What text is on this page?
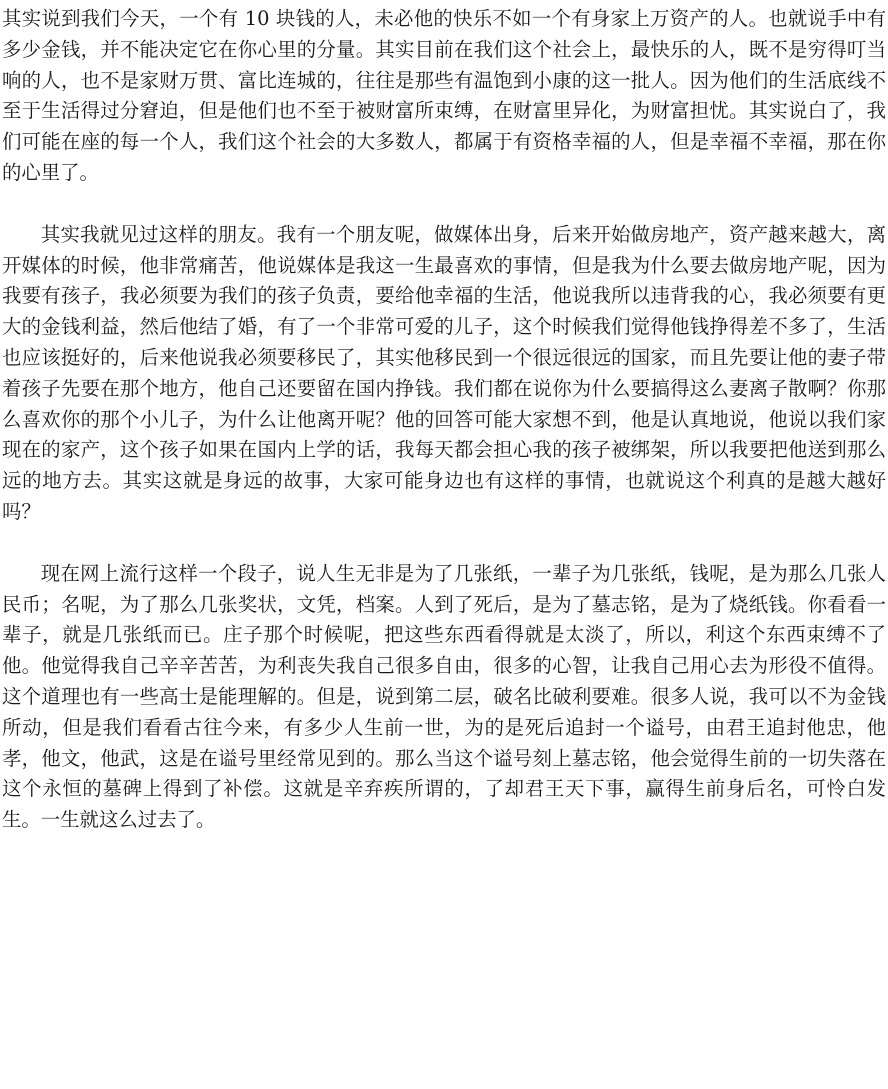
其实说到我们今天，一个有 10 块钱的人，未必他的快乐不如一个有身家上万资产的人。也就说手中有多少金钱，并不能决定它在你心里的分量。其实目前在我们这个社会上，最快乐的人，既不是穷得叮当响的人，也不是家财万贯、富比连城的，往往是那些有温饱到小康的这一批人。因为他们的生活底线不至于生活得过分窘迫，但是他们也不至于被财富所束缚，在财富里异化，为财富担忧。其实说白了，我们可能在座的每一个人，我们这个社会的大多数人，都属于有资格幸福的人，但是幸福不幸福，那在你的心里了。

其实我就见过这样的朋友。我有一个朋友呢，做媒体出身，后来开始做房地产，资产越来越大，离开媒体的时候，他非常痛苦，他说媒体是我这一生最喜欢的事情，但是我为什么要去做房地产呢，因为我要有孩子，我必须要为我们的孩子负责，要给他幸福的生活，他说我所以违背我的心，我必须要有更大的金钱利益，然后他结了婚，有了一个非常可爱的儿子，这个时候我们觉得他钱挣得差不多了，生活也应该挺好的，后来他说我必须要移民了，其实他移民到一个很远很远的国家，而且先要让他的妻子带着孩子先要在那个地方，他自己还要留在国内挣钱。我们都在说你为什么要搞得这么妻离子散啊？你那么喜欢你的那个小儿子，为什么让他离开呢？他的回答可能大家想不到，他是认真地说，他说以我们家现在的家产，这个孩子如果在国内上学的话，我每天都会担心我的孩子被绑架，所以我要把他送到那么远的地方去。其实这就是身远的故事，大家可能身边也有这样的事情，也就说这个利真的是越大越好吗？

现在网上流行这样一个段子，说人生无非是为了几张纸，一辈子为几张纸，钱呢，是为那么几张人民币；名呢，为了那么几张奖状，文凭，档案。人到了死后，是为了墓志铭，是为了烧纸钱。你看看一辈子，就是几张纸而已。庄子那个时候呢，把这些东西看得就是太淡了，所以，利这个东西束缚不了他。他觉得我自己辛辛苦苦，为利丧失我自己很多自由，很多的心智，让我自己用心去为形役不值得。这个道理也有一些高士是能理解的。但是，说到第二层，破名比破利要难。很多人说，我可以不为金钱所动，但是我们看看古往今来，有多少人生前一世，为的是死后追封一个谥号，由君王追封他忠，他孝，他文，他武，这是在谥号里经常见到的。那么当这个谥号刻上墓志铭，他会觉得生前的一切失落在这个永恒的墓碑上得到了补偿。这就是辛弃疾所谓的，了却君王天下事，赢得生前身后名，可怜白发生。一生就这么过去了。
